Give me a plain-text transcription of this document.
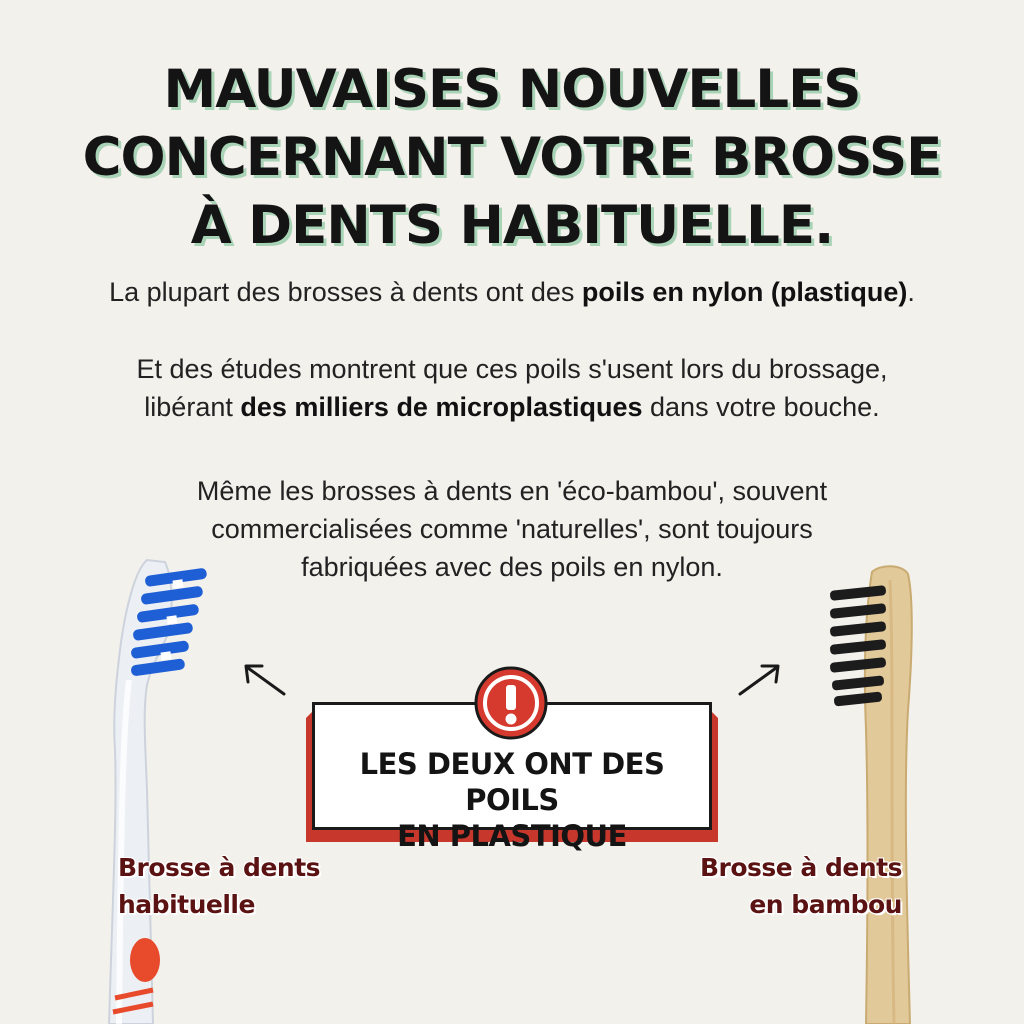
MAUVAISES NOUVELLES
CONCERNANT VOTRE BROSSE
À DENTS HABITUELLE.
La plupart des brosses à dents ont des poils en nylon (plastique).
Et des études montrent que ces poils s'usent lors du brossage,
libérant des milliers de microplastiques dans votre bouche.
Même les brosses à dents en 'éco-bambou', souvent
commercialisées comme 'naturelles', sont toujours
fabriquées avec des poils en nylon.
LES DEUX ONT DES POILS
EN PLASTIQUE
Brosse à dents
habituelle
Brosse à dents
en bambou
